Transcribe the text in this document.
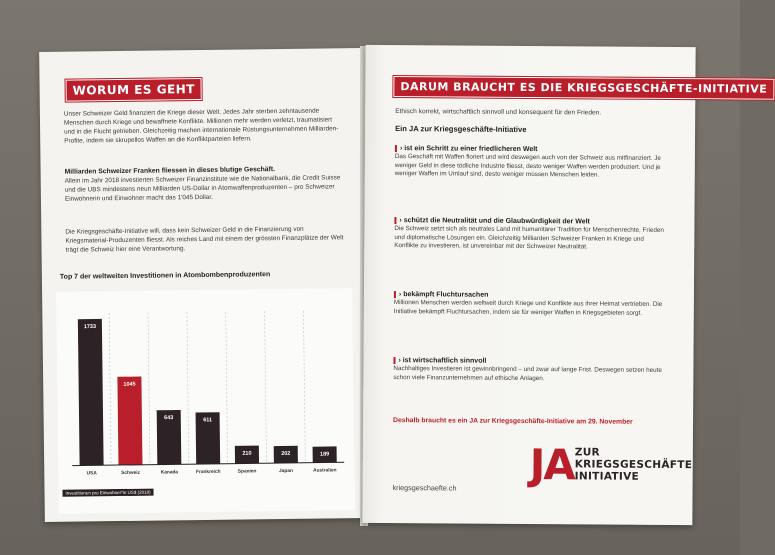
WORUM ES GEHT
Unser Schweizer Geld finanziert die Kriege dieser Welt. Jedes Jahr sterben zehntausende Menschen durch Kriege und bewaffnete Konflikte. Millionen mehr werden verletzt, traumatisiert und in die Flucht getrieben. Gleichzeitig machen internationale Rüstungsunternehmen Milliarden-Profite, indem sie skrupellos Waffen an die Konfliktparteien liefern.
Milliarden Schweizer Franken fliessen in dieses blutige Geschäft.
Allein im Jahr 2018 investierten Schweizer Finanzinstitute wie die Nationalbank, die Credit Suisse und die UBS mindestens neun Milliarden US-Dollar in Atomwaffenproduzenten – pro Schweizer Einwohnerin und Einwohner macht das 1'045 Dollar.
Die Kriegsgeschäfte-Initiative will, dass kein Schweizer Geld in die Finanzierung von Kriegsmaterial-Produzenten fliesst. Als reiches Land mit einem der grössten Finanzplätze der Welt trägt die Schweiz hier eine Verantwortung.
Top 7 der weltweiten Investitionen in Atombombenproduzenten
1733
USA
1045
Schweiz
643
Kanada
611
Frankreich
210
Spanien
202
Japan
189
Australien
Investitionen pro Einwohner*in US$ (2018)
DARUM BRAUCHT ES DIE KRIEGSGESCHÄFTE-INITIATIVE
Ethisch korrekt, wirtschaftlich sinnvoll und konsequent für den Frieden.
Ein JA zur Kriegsgeschäfte-Initiative
› ist ein Schritt zu einer friedlicheren Welt
Das Geschäft mit Waffen floriert und wird deswegen auch von der Schweiz aus mitfinanziert. Je weniger Geld in diese tödliche Industrie fliesst, desto weniger Waffen werden produziert. Und je weniger Waffen im Umlauf sind, desto weniger müssen Menschen leiden.
› schützt die Neutralität und die Glaubwürdigkeit der Welt
Die Schweiz setzt sich als neutrales Land mit humanitärer Tradition für Menschenrechte, Frieden und diplomatische Lösungen ein. Gleichzeitig Milliarden Schweizer Franken in Kriege und Konflikte zu investieren, ist unvereinbar mit der Schweizer Neutralität.
› bekämpft Fluchtursachen
Millionen Menschen werden weltweit durch Kriege und Konflikte aus ihrer Heimat vertrieben. Die Initiative bekämpft Fluchtursachen, indem sie für weniger Waffen in Kriegsgebieten sorgt.
› ist wirtschaftlich sinnvoll
Nachhaltiges Investieren ist gewinnbringend – und zwar auf lange Frist. Deswegen setzen heute schon viele Finanzunternehmen auf ethische Anlagen.
Deshalb braucht es ein JA zur Kriegsgeschäfte-Initiative am 29. November
JA ZUR
KRIEGSGESCHÄFTE
INITIATIVE
kriegsgeschaefte.ch
